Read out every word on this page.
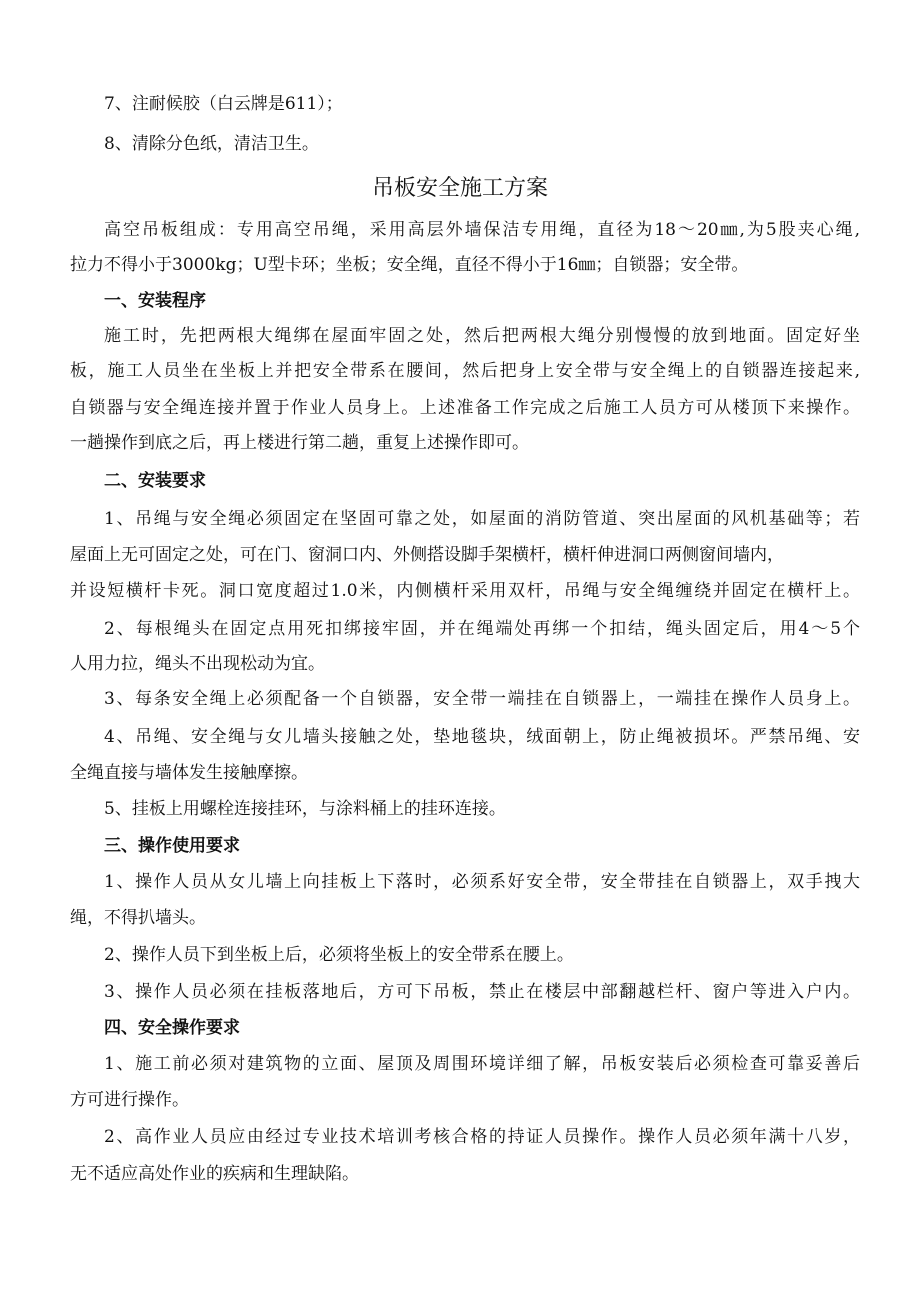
7、注耐候胶（白云牌是611）；
8、清除分色纸，清洁卫生。
吊板安全施工方案
高空吊板组成：专用高空吊绳，采用高层外墙保洁专用绳，直径为18～20㎜,为5股夹心绳,
拉力不得小于3000kg；U型卡环；坐板；安全绳，直径不得小于16㎜；自锁器；安全带。
一、安装程序
施工时，先把两根大绳绑在屋面牢固之处，然后把两根大绳分别慢慢的放到地面。固定好坐
板，施工人员坐在坐板上并把安全带系在腰间，然后把身上安全带与安全绳上的自锁器连接起来,
自锁器与安全绳连接并置于作业人员身上。上述准备工作完成之后施工人员方可从楼顶下来操作。
一趟操作到底之后，再上楼进行第二趟，重复上述操作即可。
二、安装要求
1、吊绳与安全绳必须固定在坚固可靠之处，如屋面的消防管道、突出屋面的风机基础等；若
屋面上无可固定之处，可在门、窗洞口内、外侧搭设脚手架横杆，横杆伸进洞口两侧窗间墙内，
并设短横杆卡死。洞口宽度超过1.0米，内侧横杆采用双杆，吊绳与安全绳缠绕并固定在横杆上。
2、每根绳头在固定点用死扣绑接牢固，并在绳端处再绑一个扣结，绳头固定后，用4～5个
人用力拉，绳头不出现松动为宜。
3、每条安全绳上必须配备一个自锁器，安全带一端挂在自锁器上，一端挂在操作人员身上。
4、吊绳、安全绳与女儿墙头接触之处，垫地毯块，绒面朝上，防止绳被损坏。严禁吊绳、安
全绳直接与墙体发生接触摩擦。
5、挂板上用螺栓连接挂环，与涂料桶上的挂环连接。
三、操作使用要求
1、操作人员从女儿墙上向挂板上下落时，必须系好安全带，安全带挂在自锁器上，双手拽大
绳，不得扒墙头。
2、操作人员下到坐板上后，必须将坐板上的安全带系在腰上。
3、操作人员必须在挂板落地后，方可下吊板，禁止在楼层中部翻越栏杆、窗户等进入户内。
四、安全操作要求
1、施工前必须对建筑物的立面、屋顶及周围环境详细了解，吊板安装后必须检查可靠妥善后
方可进行操作。
2、高作业人员应由经过专业技术培训考核合格的持证人员操作。操作人员必须年满十八岁，
无不适应高处作业的疾病和生理缺陷。
